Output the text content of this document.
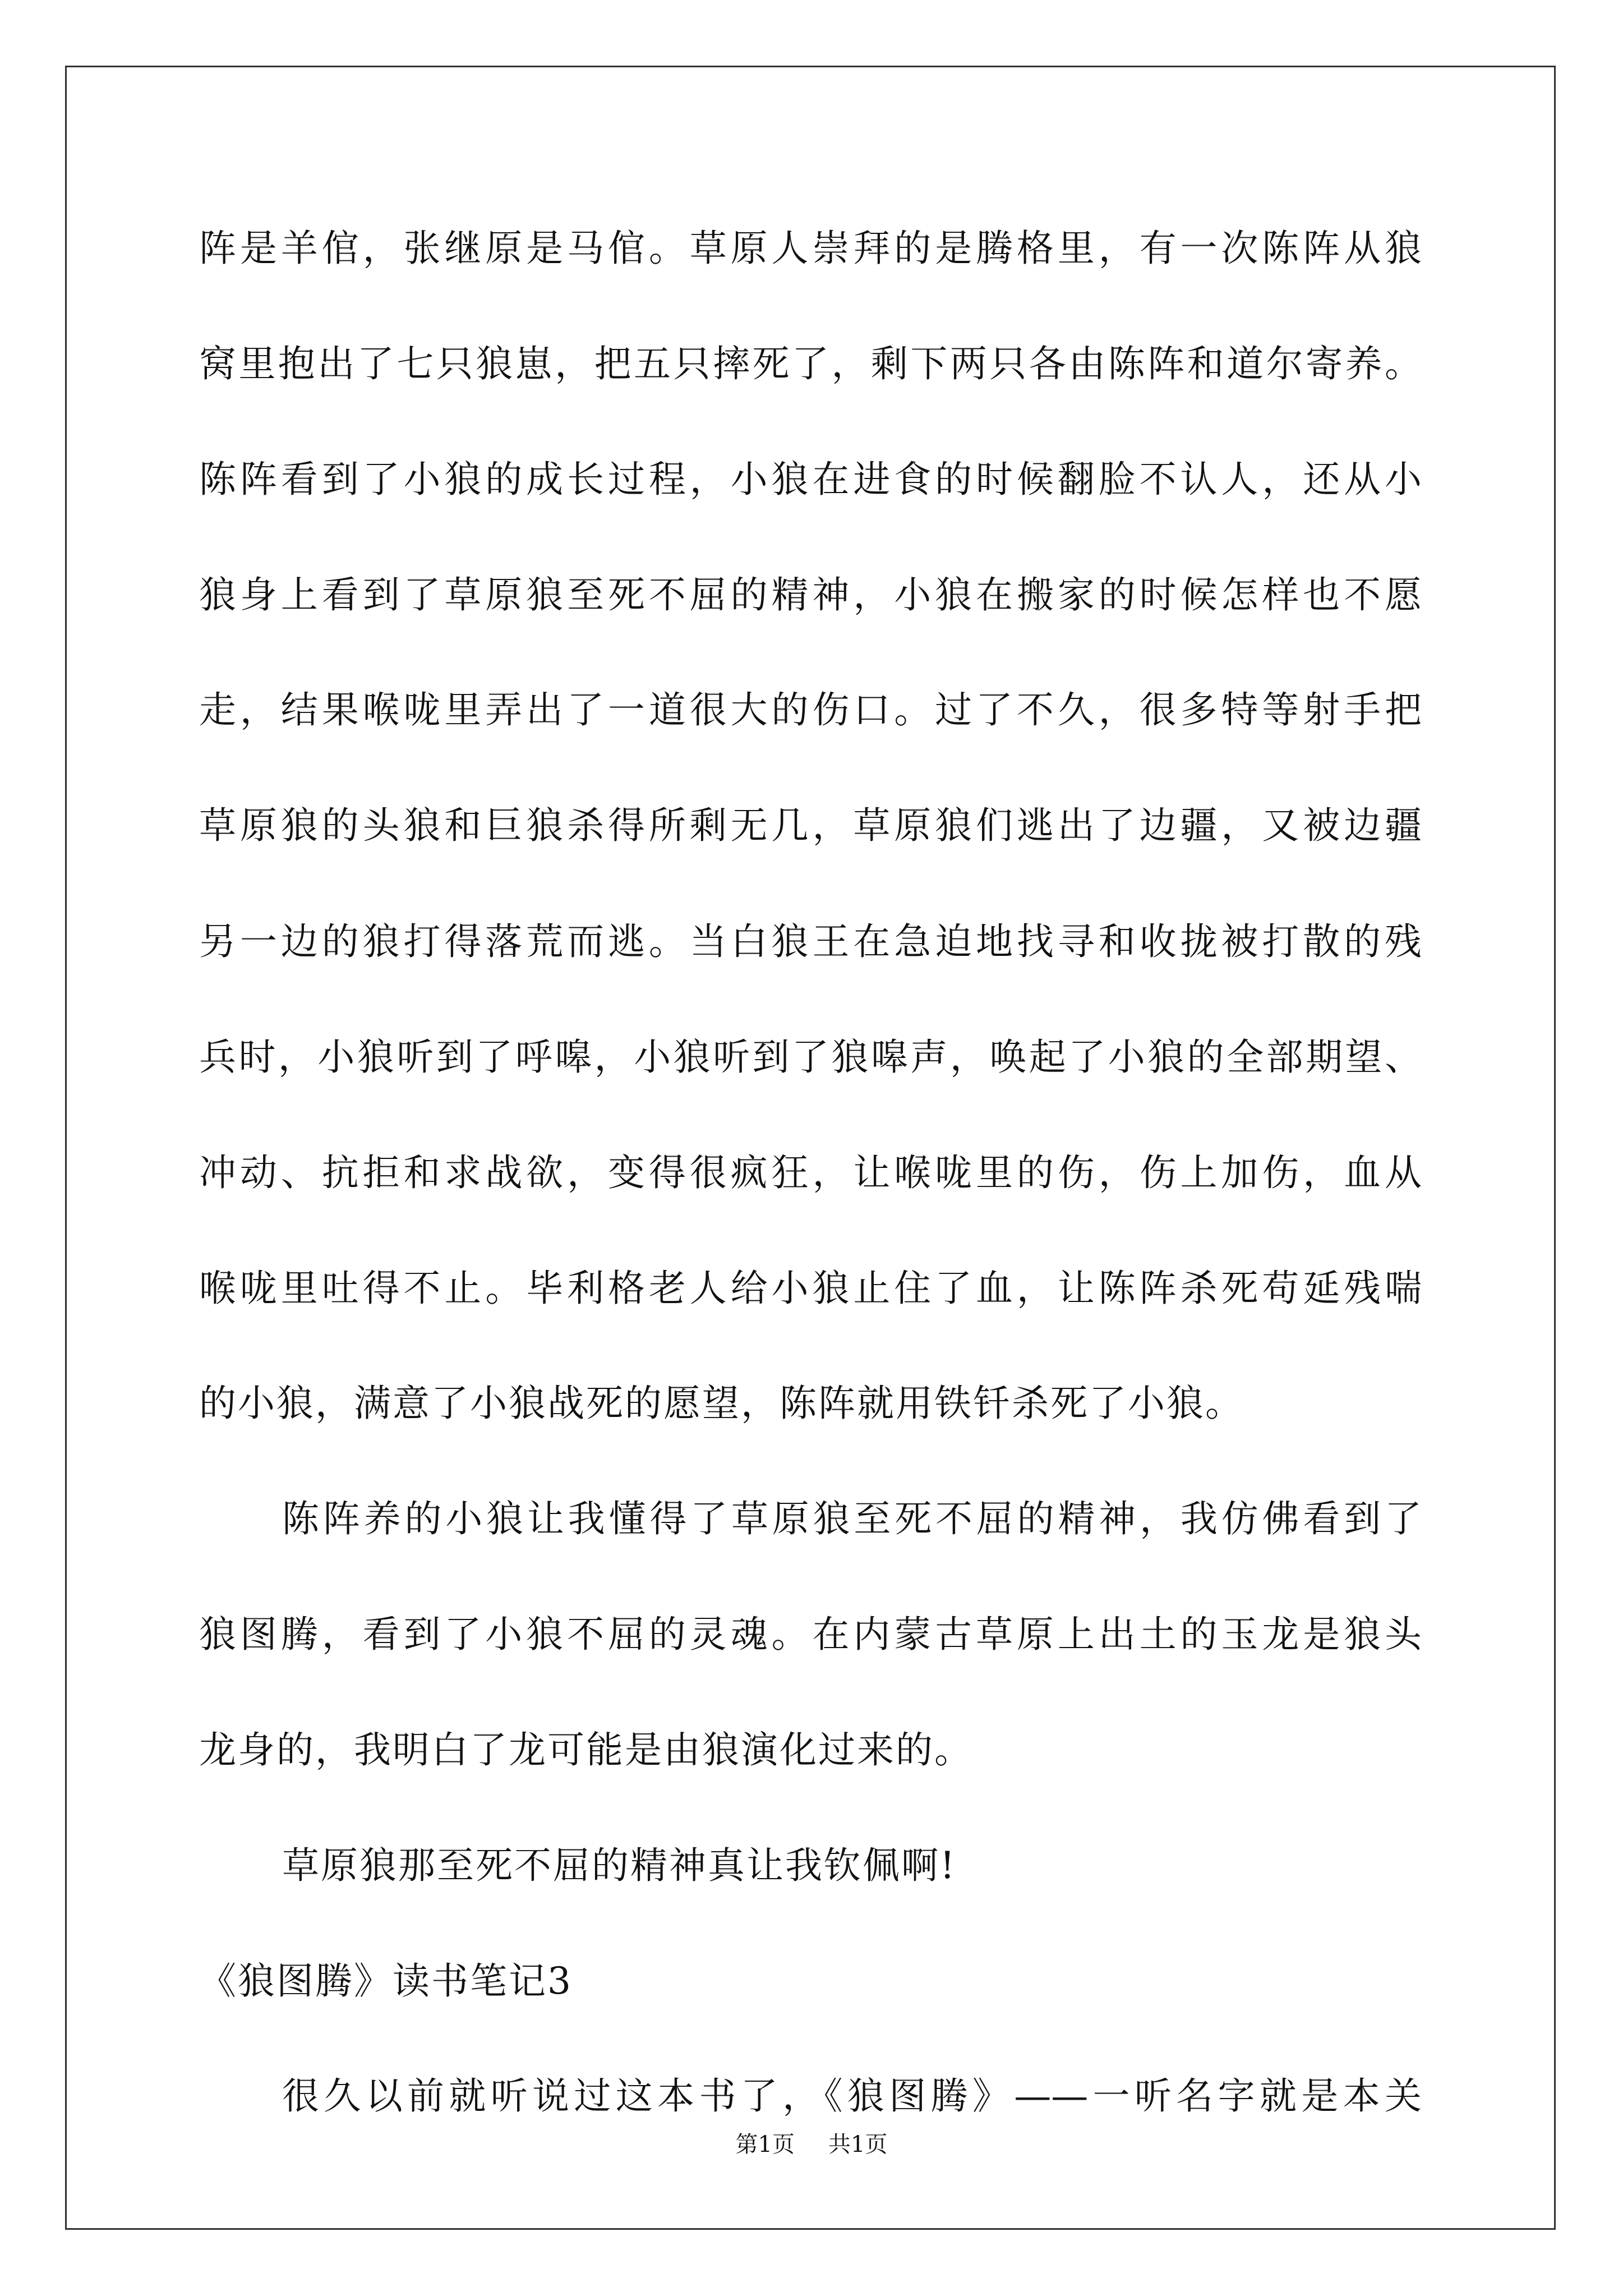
阵是羊倌，张继原是马倌。草原人崇拜的是腾格里，有一次陈阵从狼
窝里抱出了七只狼崽，把五只摔死了，剩下两只各由陈阵和道尔寄养。
陈阵看到了小狼的成长过程，小狼在进食的时候翻脸不认人，还从小
狼身上看到了草原狼至死不屈的精神，小狼在搬家的时候怎样也不愿
走，结果喉咙里弄出了一道很大的伤口。过了不久，很多特等射手把
草原狼的头狼和巨狼杀得所剩无几，草原狼们逃出了边疆，又被边疆
另一边的狼打得落荒而逃。当白狼王在急迫地找寻和收拢被打散的残
兵时，小狼听到了呼嗥，小狼听到了狼嗥声，唤起了小狼的全部期望、
冲动、抗拒和求战欲，变得很疯狂，让喉咙里的伤，伤上加伤，血从
喉咙里吐得不止。毕利格老人给小狼止住了血，让陈阵杀死苟延残喘
的小狼，满意了小狼战死的愿望，陈阵就用铁钎杀死了小狼。
陈阵养的小狼让我懂得了草原狼至死不屈的精神，我仿佛看到了
狼图腾，看到了小狼不屈的灵魂。在内蒙古草原上出土的玉龙是狼头
龙身的，我明白了龙可能是由狼演化过来的。
草原狼那至死不屈的精神真让我钦佩啊!
《狼图腾》读书笔记3
很久以前就听说过这本书了，《狼图腾》——一听名字就是本关
第1页 共1页
